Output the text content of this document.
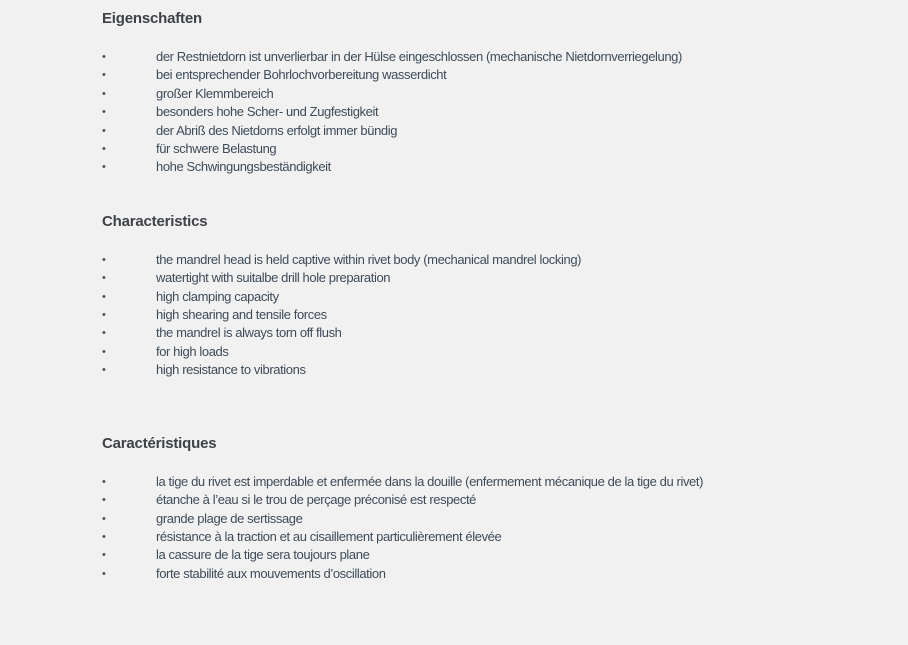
Eigenschaften
•	der Restnietdorn ist unverlierbar in der Hülse eingeschlossen (mechanische Nietdornverriegelung)
•	bei entsprechender Bohrlochvorbereitung wasserdicht
•	großer Klemmbereich
•	besonders hohe Scher- und Zugfestigkeit
•	der Abriß des Nietdorns erfolgt immer bündig
•	für schwere Belastung
•	hohe Schwingungsbeständigkeit
Characteristics
•	the mandrel head is held captive within rivet body (mechanical mandrel locking)
•	watertight with suitalbe drill hole preparation
•	high clamping capacity
•	high shearing and tensile forces
•	the mandrel is always torn off flush
•	for high loads
•	high resistance to vibrations
Caractéristiques
•	la tige du rivet est imperdable et enfermée dans la douille (enfermement mécanique de la tige du rivet)
•	étanche à l’eau si le trou de perçage préconisé est respecté
•	grande plage de sertissage
•	résistance à la traction et au cisaillement particulièrement élevée
•	la cassure de la tige sera toujours plane
•	forte stabilité aux mouvements d’oscillation
